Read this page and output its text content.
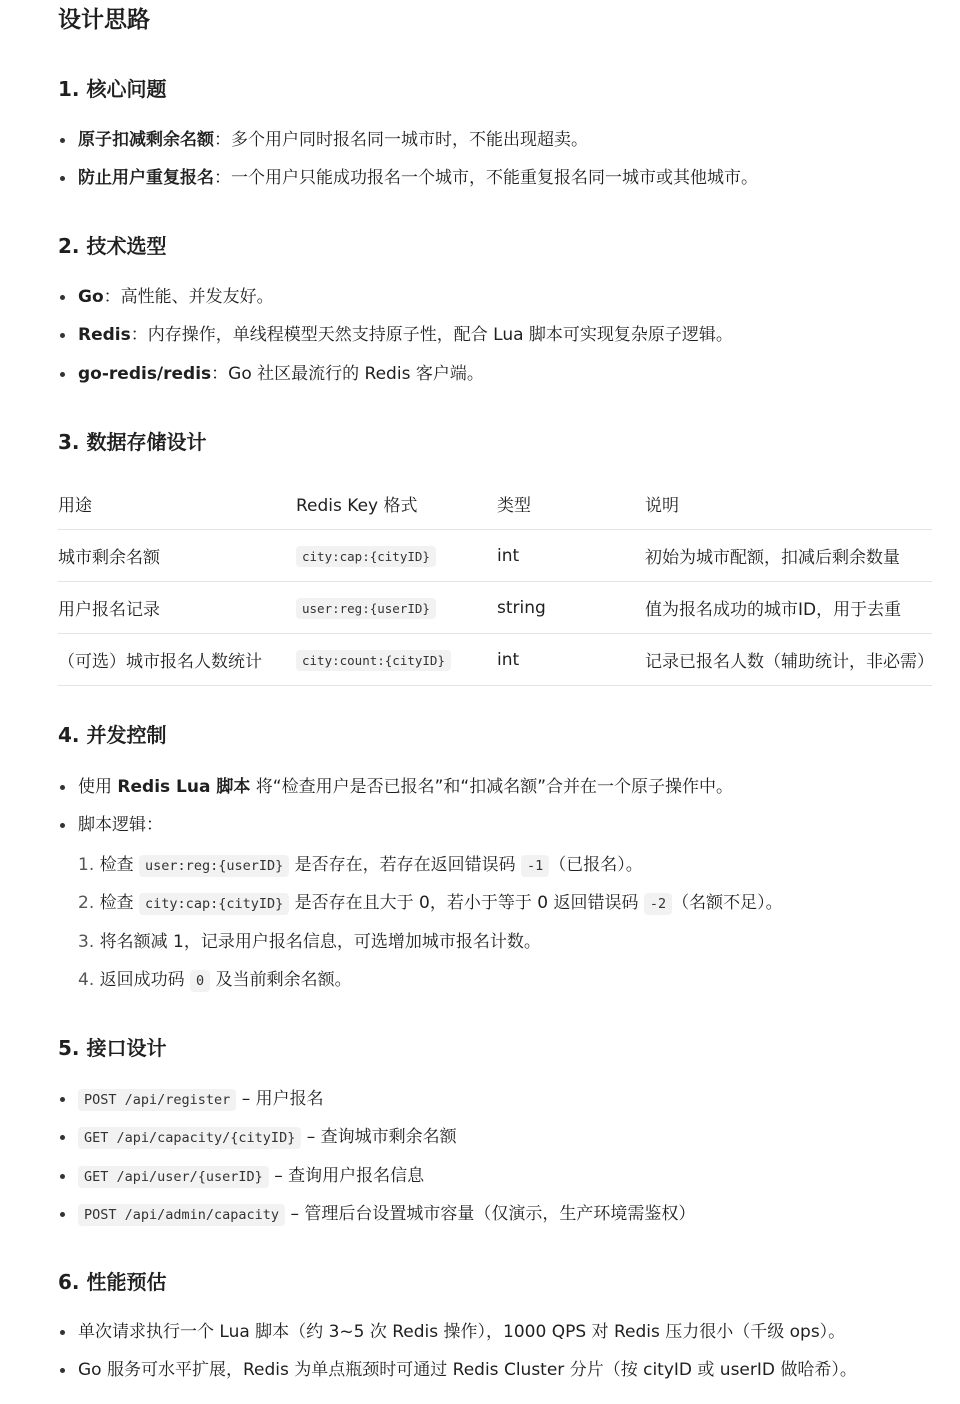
设计思路
1. 核心问题
原子扣减剩余名额：多个用户同时报名同一城市时，不能出现超卖。
防止用户重复报名：一个用户只能成功报名一个城市，不能重复报名同一城市或其他城市。
2. 技术选型
Go：高性能、并发友好。
Redis：内存操作，单线程模型天然支持原子性，配合 Lua 脚本可实现复杂原子逻辑。
go-redis/redis：Go 社区最流行的 Redis 客户端。
3. 数据存储设计
用途	Redis Key 格式	类型	说明
城市剩余名额	city:cap:{cityID}	int	初始为城市配额，扣减后剩余数量
用户报名记录	user:reg:{userID}	string	值为报名成功的城市ID，用于去重
（可选）城市报名人数统计	city:count:{cityID}	int	记录已报名人数（辅助统计，非必需）
4. 并发控制
使用 Redis Lua 脚本 将“检查用户是否已报名”和“扣减名额”合并在一个原子操作中。
脚本逻辑：
1. 检查 user:reg:{userID} 是否存在，若存在返回错误码 -1 （已报名）。
2. 检查 city:cap:{cityID} 是否存在且大于 0，若小于等于 0 返回错误码 -2 （名额不足）。
3. 将名额减 1，记录用户报名信息，可选增加城市报名计数。
4. 返回成功码 0 及当前剩余名额。
5. 接口设计
POST /api/register – 用户报名
GET /api/capacity/{cityID} – 查询城市剩余名额
GET /api/user/{userID} – 查询用户报名信息
POST /api/admin/capacity – 管理后台设置城市容量（仅演示，生产环境需鉴权）
6. 性能预估
单次请求执行一个 Lua 脚本（约 3~5 次 Redis 操作），1000 QPS 对 Redis 压力很小（千级 ops）。
Go 服务可水平扩展，Redis 为单点瓶颈时可通过 Redis Cluster 分片（按 cityID 或 userID 做哈希）。
